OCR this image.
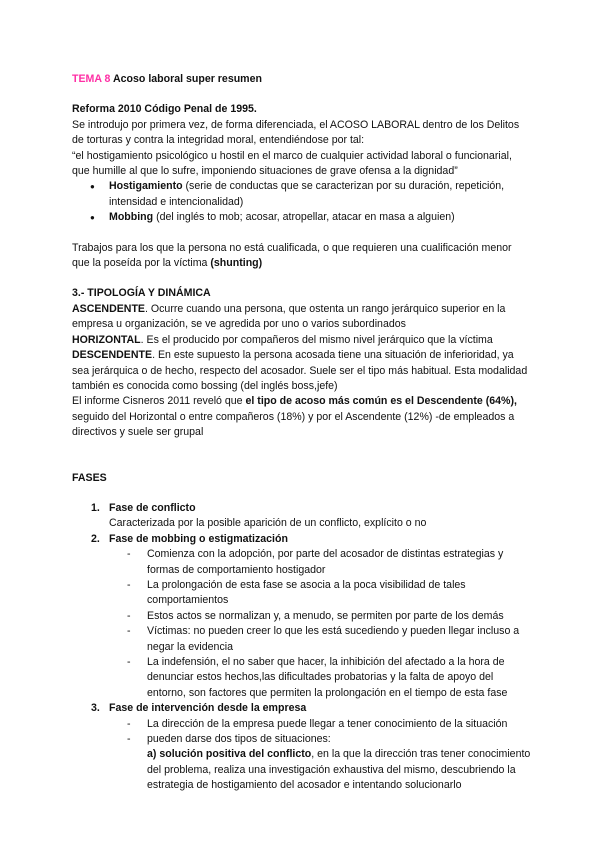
TEMA 8 Acoso laboral super resumen

Reforma 2010 Código Penal de 1995.

Se introdujo por primera vez, de forma diferenciada, el ACOSO LABORAL dentro de los Delitos de torturas y contra la integridad moral, entendiéndose por tal:

“el hostigamiento psicológico u hostil en el marco de cualquier actividad laboral o funcionarial, que humille al que lo sufre, imponiendo situaciones de grave ofensa a la dignidad”

● Hostigamiento (serie de conductas que se caracterizan por su duración, repetición, intensidad e intencionalidad)
● Mobbing (del inglés to mob; acosar, atropellar, atacar en masa a alguien)

Trabajos para los que la persona no está cualificada, o que requieren una cualificación menor que la poseída por la víctima (shunting)

3.- TIPOLOGÍA Y DINÁMICA

ASCENDENTE. Ocurre cuando una persona, que ostenta un rango jerárquico superior en la empresa u organización, se ve agredida por uno o varios subordinados

HORIZONTAL. Es el producido por compañeros del mismo nivel jerárquico que la víctima

DESCENDENTE. En este supuesto la persona acosada tiene una situación de inferioridad, ya sea jerárquica o de hecho, respecto del acosador. Suele ser el tipo más habitual. Esta modalidad también es conocida como bossing (del inglés boss,jefe)

El informe Cisneros 2011 reveló que el tipo de acoso más común es el Descendente (64%), seguido del Horizontal o entre compañeros (18%) y por el Ascendente (12%) -de empleados a directivos y suele ser grupal

FASES

1. Fase de conflicto

Caracterizada por la posible aparición de un conflicto, explícito o no

2. Fase de mobbing o estigmatización
- Comienza con la adopción, por parte del acosador de distintas estrategias y formas de comportamiento hostigador
- La prolongación de esta fase se asocia a la poca visibilidad de tales comportamientos
- Estos actos se normalizan y, a menudo, se permiten por parte de los demás
- Víctimas: no pueden creer lo que les está sucediendo y pueden llegar incluso a negar la evidencia
- La indefensión, el no saber que hacer, la inhibición del afectado a la hora de denunciar estos hechos,las dificultades probatorias y la falta de apoyo del entorno, son factores que permiten la prolongación en el tiempo de esta fase
3. Fase de intervención desde la empresa
- La dirección de la empresa puede llegar a tener conocimiento de la situación
- pueden darse dos tipos de situaciones:

a) solución positiva del conflicto, en la que la dirección tras tener conocimiento del problema, realiza una investigación exhaustiva del mismo, descubriendo la estrategia de hostigamiento del acosador e intentando solucionarlo
